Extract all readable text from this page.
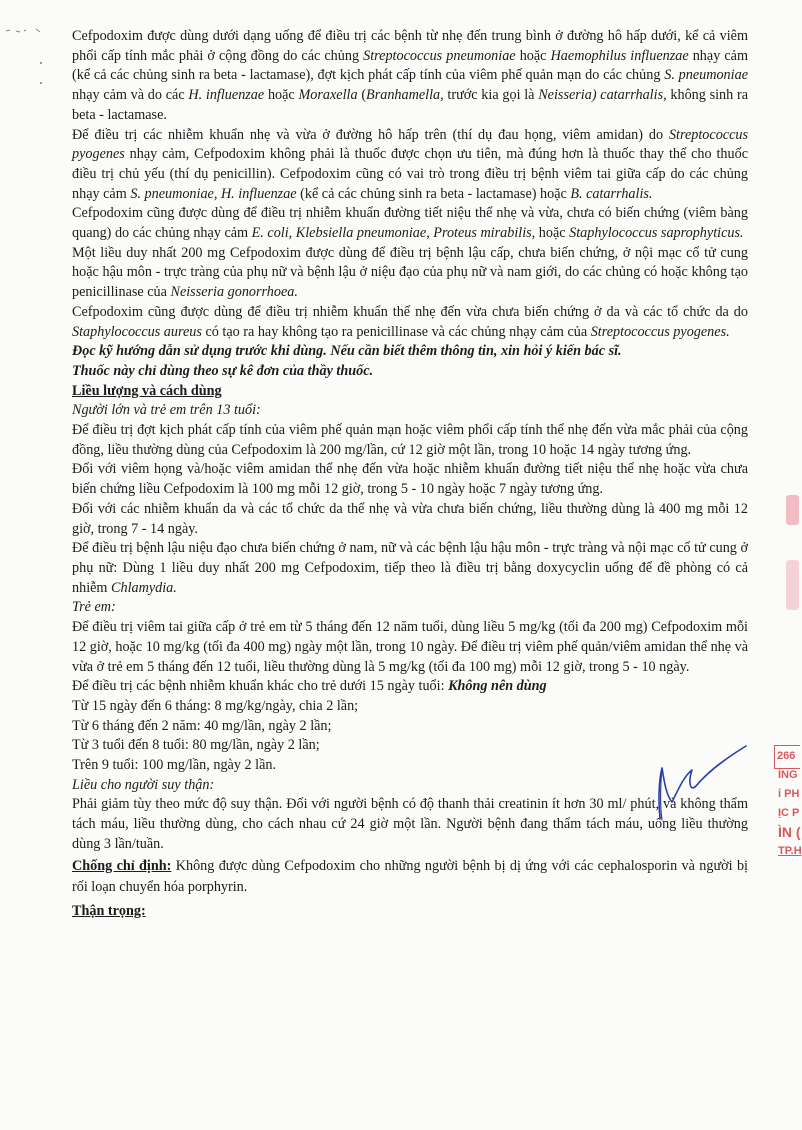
Cefpodoxim được dùng dưới dạng uống để điều trị các bệnh từ nhẹ đến trung bình ở đường hô hấp dưới, kể cả viêm phổi cấp tính mắc phải ở cộng đồng do các chủng Streptococcus pneumoniae hoặc Haemophilus influenzae nhạy cảm (kể cả các chủng sinh ra beta - lactamase), đợt kịch phát cấp tính của viêm phế quản mạn do các chủng S. pneumoniae nhạy cảm và do các H. influenzae hoặc Moraxella (Branhamella, trước kia gọi là Neisseria) catarrhalis, không sinh ra beta - lactamase.

Để điều trị các nhiễm khuẩn nhẹ và vừa ở đường hô hấp trên (thí dụ đau họng, viêm amidan) do Streptococcus pyogenes nhạy cảm, Cefpodoxim không phải là thuốc được chọn ưu tiên, mà đúng hơn là thuốc thay thế cho thuốc điều trị chủ yếu (thí dụ penicillin). Cefpodoxim cũng có vai trò trong điều trị bệnh viêm tai giữa cấp do các chủng nhạy cảm S. pneumoniae, H. influenzae (kể cả các chủng sinh ra beta - lactamase) hoặc B. catarrhalis.

Cefpodoxim cũng được dùng để điều trị nhiễm khuẩn đường tiết niệu thể nhẹ và vừa, chưa có biến chứng (viêm bàng quang) do các chủng nhạy cảm E. coli, Klebsiella pneumoniae, Proteus mirabilis, hoặc Staphylococcus saprophyticus.

Một liều duy nhất 200 mg Cefpodoxim được dùng để điều trị bệnh lậu cấp, chưa biến chứng, ở nội mạc cổ tử cung hoặc hậu môn - trực tràng của phụ nữ và bệnh lậu ở niệu đạo của phụ nữ và nam giới, do các chủng có hoặc không tạo penicillinase của Neisseria gonorrhoea.

Cefpodoxim cũng được dùng để điều trị nhiễm khuẩn thể nhẹ đến vừa chưa biến chứng ở da và các tổ chức da do Staphylococcus aureus có tạo ra hay không tạo ra penicillinase và các chủng nhạy cảm của Streptococcus pyogenes.

Đọc kỹ hướng dẫn sử dụng trước khi dùng. Nếu cần biết thêm thông tin, xin hỏi ý kiến bác sĩ.

Thuốc này chỉ dùng theo sự kê đơn của thầy thuốc.

Liều lượng và cách dùng

Người lớn và trẻ em trên 13 tuổi:

Để điều trị đợt kịch phát cấp tính của viêm phế quản mạn hoặc viêm phổi cấp tính thể nhẹ đến vừa mắc phải của cộng đồng, liều thường dùng của Cefpodoxim là 200 mg/lần, cứ 12 giờ một lần, trong 10 hoặc 14 ngày tương ứng.

Đối với viêm họng và/hoặc viêm amidan thể nhẹ đến vừa hoặc nhiễm khuẩn đường tiết niệu thể nhẹ hoặc vừa chưa biến chứng liều Cefpodoxim là 100 mg mỗi 12 giờ, trong 5 - 10 ngày hoặc 7 ngày tương ứng.

Đối với các nhiễm khuẩn da và các tổ chức da thể nhẹ và vừa chưa biến chứng, liều thường dùng là 400 mg mỗi 12 giờ, trong 7 - 14 ngày.

Để điều trị bệnh lậu niệu đạo chưa biến chứng ở nam, nữ và các bệnh lậu hậu môn - trực tràng và nội mạc cổ tử cung ở phụ nữ: Dùng 1 liều duy nhất 200 mg Cefpodoxim, tiếp theo là điều trị bằng doxycyclin uống để đề phòng có cả nhiễm Chlamydia.

Trẻ em:

Để điều trị viêm tai giữa cấp ở trẻ em từ 5 tháng đến 12 năm tuổi, dùng liều 5 mg/kg (tối đa 200 mg) Cefpodoxim mỗi 12 giờ, hoặc 10 mg/kg (tối đa 400 mg) ngày một lần, trong 10 ngày. Để điều trị viêm phế quản/viêm amidan thể nhẹ và vừa ở trẻ em 5 tháng đến 12 tuổi, liều thường dùng là 5 mg/kg (tối đa 100 mg) mỗi 12 giờ, trong 5 - 10 ngày.

Để điều trị các bệnh nhiễm khuẩn khác cho trẻ dưới 15 ngày tuổi: Không nên dùng

Từ 15 ngày đến 6 tháng: 8 mg/kg/ngày, chia 2 lần;

Từ 6 tháng đến 2 năm: 40 mg/lần, ngày 2 lần;

Từ 3 tuổi đến 8 tuổi: 80 mg/lần, ngày 2 lần;

Trên 9 tuổi: 100 mg/lần, ngày 2 lần.

Liều cho người suy thận:

Phải giảm tùy theo mức độ suy thận. Đối với người bệnh có độ thanh thải creatinin ít hơn 30 ml/ phút, và không thẩm tách máu, liều thường dùng, cho cách nhau cứ 24 giờ một lần. Người bệnh đang thẩm tách máu, uống liều thường dùng 3 lần/tuần.

Chống chỉ định: Không được dùng Cefpodoxim cho những người bệnh bị dị ứng với các cephalosporin và người bị rối loạn chuyển hóa porphyrin.

Thận trọng:

266
ÌNG
ỉ PH
ỊC P
ÌN (
TP.H
